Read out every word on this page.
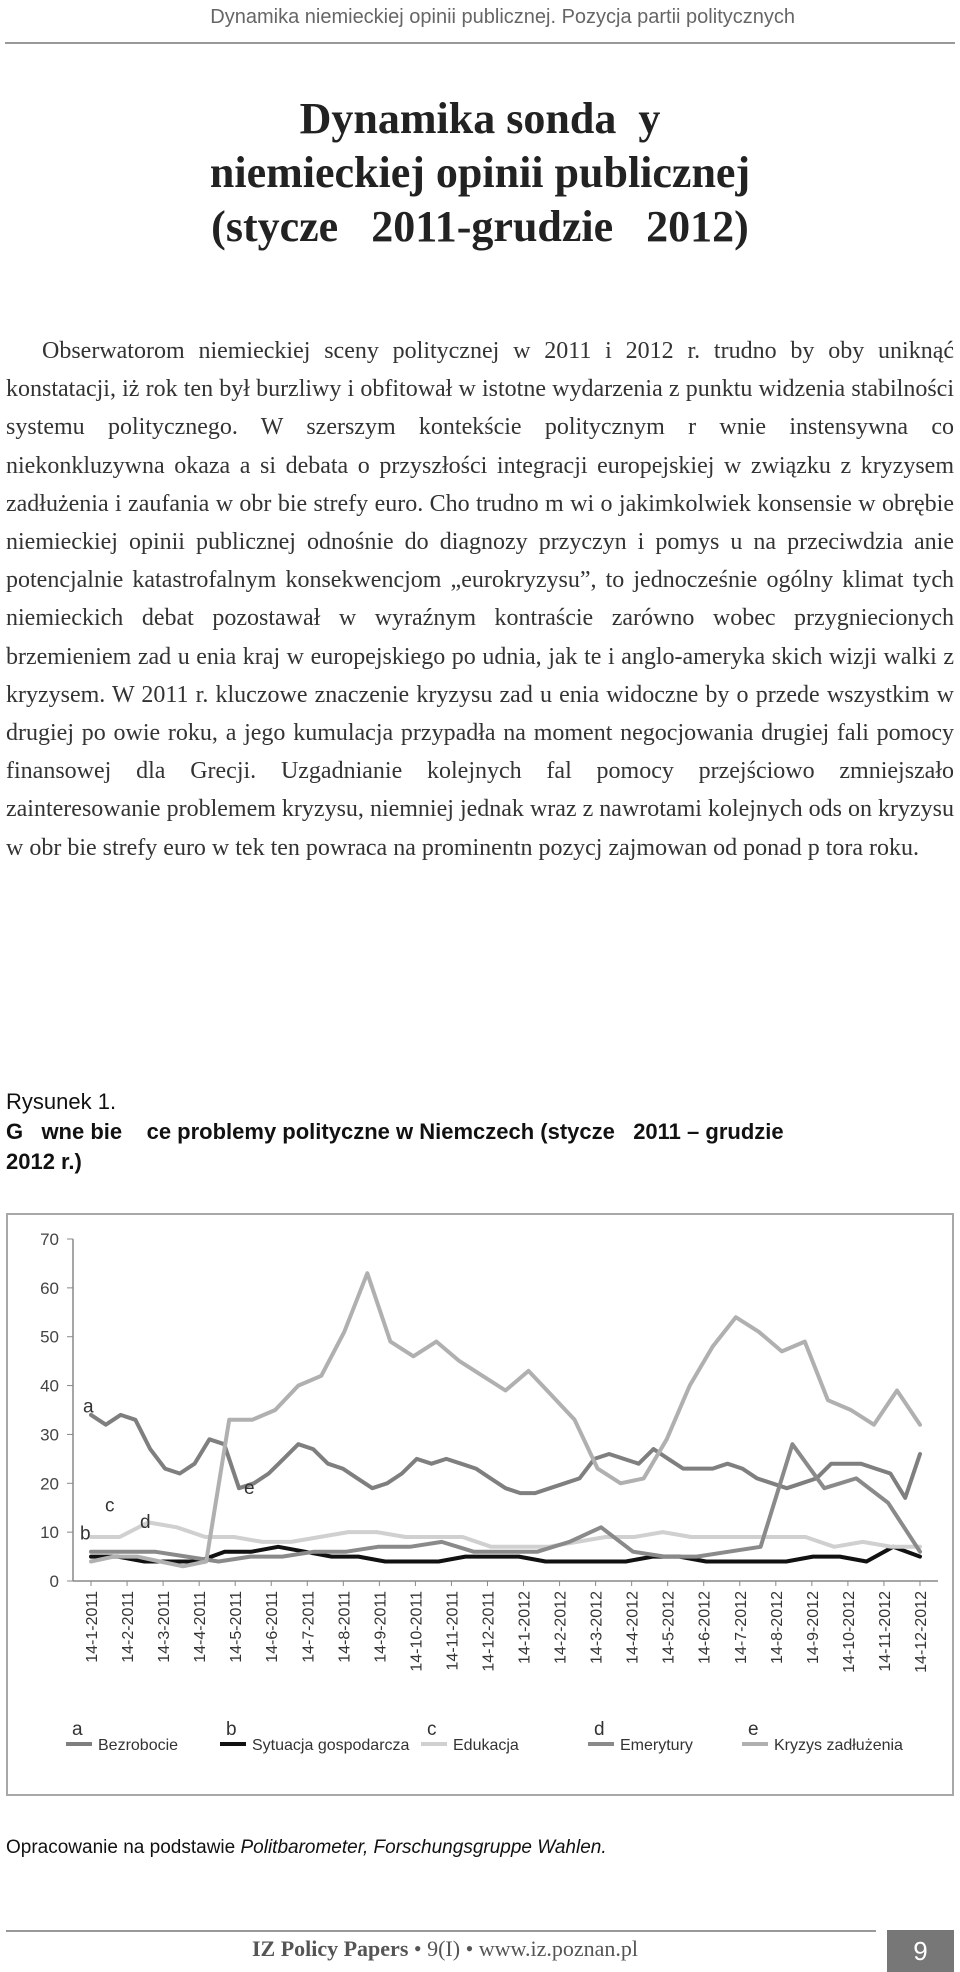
Dynamika niemieckiej opinii publicznej. Pozycja partii politycznych
Dynamika sonda  y
niemieckiej opinii publicznej
(stycze   2011-grudzie   2012)

Obserwatorom niemieckiej sceny politycznej w 2011 i 2012 r. trudno by oby uniknąć konstatacji, iż rok ten był burzliwy i obfitował w istotne wydarzenia z punktu widzenia stabilności systemu politycznego. W szerszym kontekście politycznym r wnie instensywna co niekonkluzywna okaza a si debata o przyszłości integracji europejskiej w związku z kryzysem zadłużenia i zaufania w obr bie strefy euro. Cho trudno m wi o jakimkolwiek konsensie w obrębie niemieckiej opinii publicznej odnośnie do diagnozy przyczyn i pomys u na przeciwdzia anie potencjalnie katastrofalnym konsekwencjom „eurokryzysu”, to jednocześnie ogólny klimat tych niemieckich debat pozostawał w wyraźnym kontraście zarówno wobec przygniecionych brzemieniem zad u enia kraj w europejskiego po udnia, jak te i anglo-ameryka skich wizji walki z kryzysem. W 2011 r. kluczowe znaczenie kryzysu zad u enia widoczne by o przede wszystkim w drugiej po owie roku, a jego kumulacja przypadła na moment negocjowania drugiej fali pomocy finansowej dla Grecji. Uzgadnianie kolejnych fal pomocy przejściowo zmniejszało zainteresowanie problemem kryzysu, niemniej jednak wraz z nawrotami kolejnych ods on kryzysu w obr bie strefy euro w tek ten powraca na prominentn pozycj zajmowan od ponad p tora roku.

Rysunek 1.
G   wne bie    ce problemy polityczne w Niemczech (stycze   2011 – grudzie
2012 r.)
0
10
20
30
40
50
60
70
14-1-2011 14-2-2011 14-3-2011 14-4-2011 14-5-2011 14-6-2011 14-7-2011 14-8-2011 14-9-2011 14-10-2011 14-11-2011 14-12-2011 14-1-2012 14-2-2012 14-3-2012 14-4-2012 14-5-2012 14-6-2012 14-7-2012 14-8-2012 14-9-2012 14-10-2012 14-11-2012 14-12-2012
a
b
c
d
e
a
Bezrobocie
b
Sytuacja gospodarcza
c
Edukacja
d
Emerytury
e
Kryzys zadłużenia
Opracowanie na podstawie Politbarometer, Forschungsgruppe Wahlen.
IZ Policy Papers • 9(I) • www.iz.poznan.pl	9
